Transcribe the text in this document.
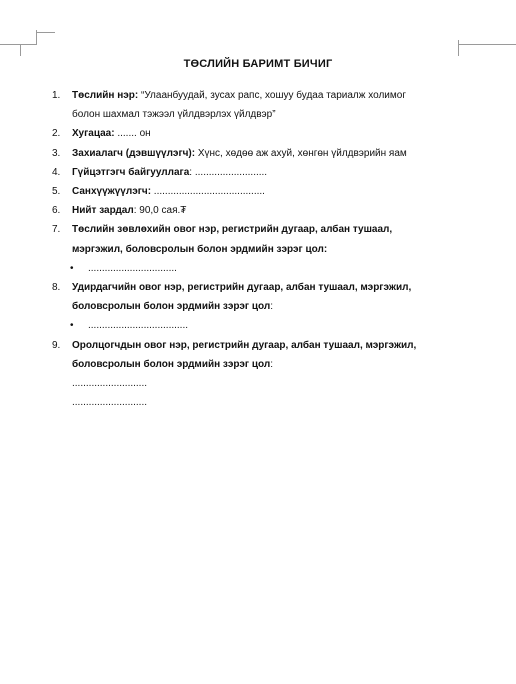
ТӨСЛИЙН БАРИМТ БИЧИГ
1.	Төслийн нэр: “Улаанбуудай, зусах рапс, хошуу будаа тариалж холимог
болон шахмал тэжээл үйлдвэрлэх үйлдвэр”
2.	Хугацаа: ....... он
3.	Захиалагч (дэвшүүлэгч): Хүнс, хөдөө аж ахуй, хөнгөн үйлдвэрийн яам
4.	Гүйцэтгэгч байгууллага: ..........................
5.	Санхүүжүүлэгч: ........................................
6.	Нийт зардал: 90,0 сая.₮
7.	Төслийн зөвлөхийн овог нэр, регистрийн дугаар, албан тушаал,
мэргэжил, боловсролын болон эрдмийн зэрэг цол:
•	................................
8.	Удирдагчийн овог нэр, регистрийн дугаар, албан тушаал, мэргэжил,
боловсролын болон эрдмийн зэрэг цол:
•	....................................
9.	Оролцогчдын овог нэр, регистрийн дугаар, албан тушаал, мэргэжил,
боловсролын болон эрдмийн зэрэг цол:
...........................
...........................
